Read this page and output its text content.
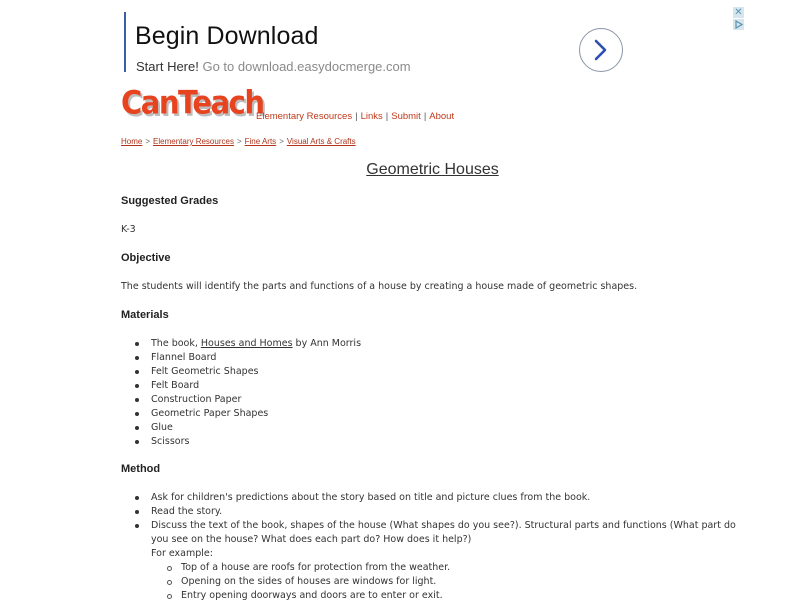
Begin Download
Start Here! Go to download.easydocmerge.com
✕
CanTeach
Elementary Resources | Links | Submit | About
Home > Elementary Resources > Fine Arts > Visual Arts & Crafts
Geometric Houses
Suggested Grades
K-3
Objective
The students will identify the parts and functions of a house by creating a house made of geometric shapes.
Materials
The book, Houses and Homes by Ann Morris
Flannel Board
Felt Geometric Shapes
Felt Board
Construction Paper
Geometric Paper Shapes
Glue
Scissors
Method
Ask for children's predictions about the story based on title and picture clues from the book.
Read the story.
Discuss the text of the book, shapes of the house (What shapes do you see?). Structural parts and functions (What part do you see on the house? What does each part do? How does it help?)
For example:
Top of a house are roofs for protection from the weather.
Opening on the sides of houses are windows for light.
Entry opening doorways and doors are to enter or exit.
